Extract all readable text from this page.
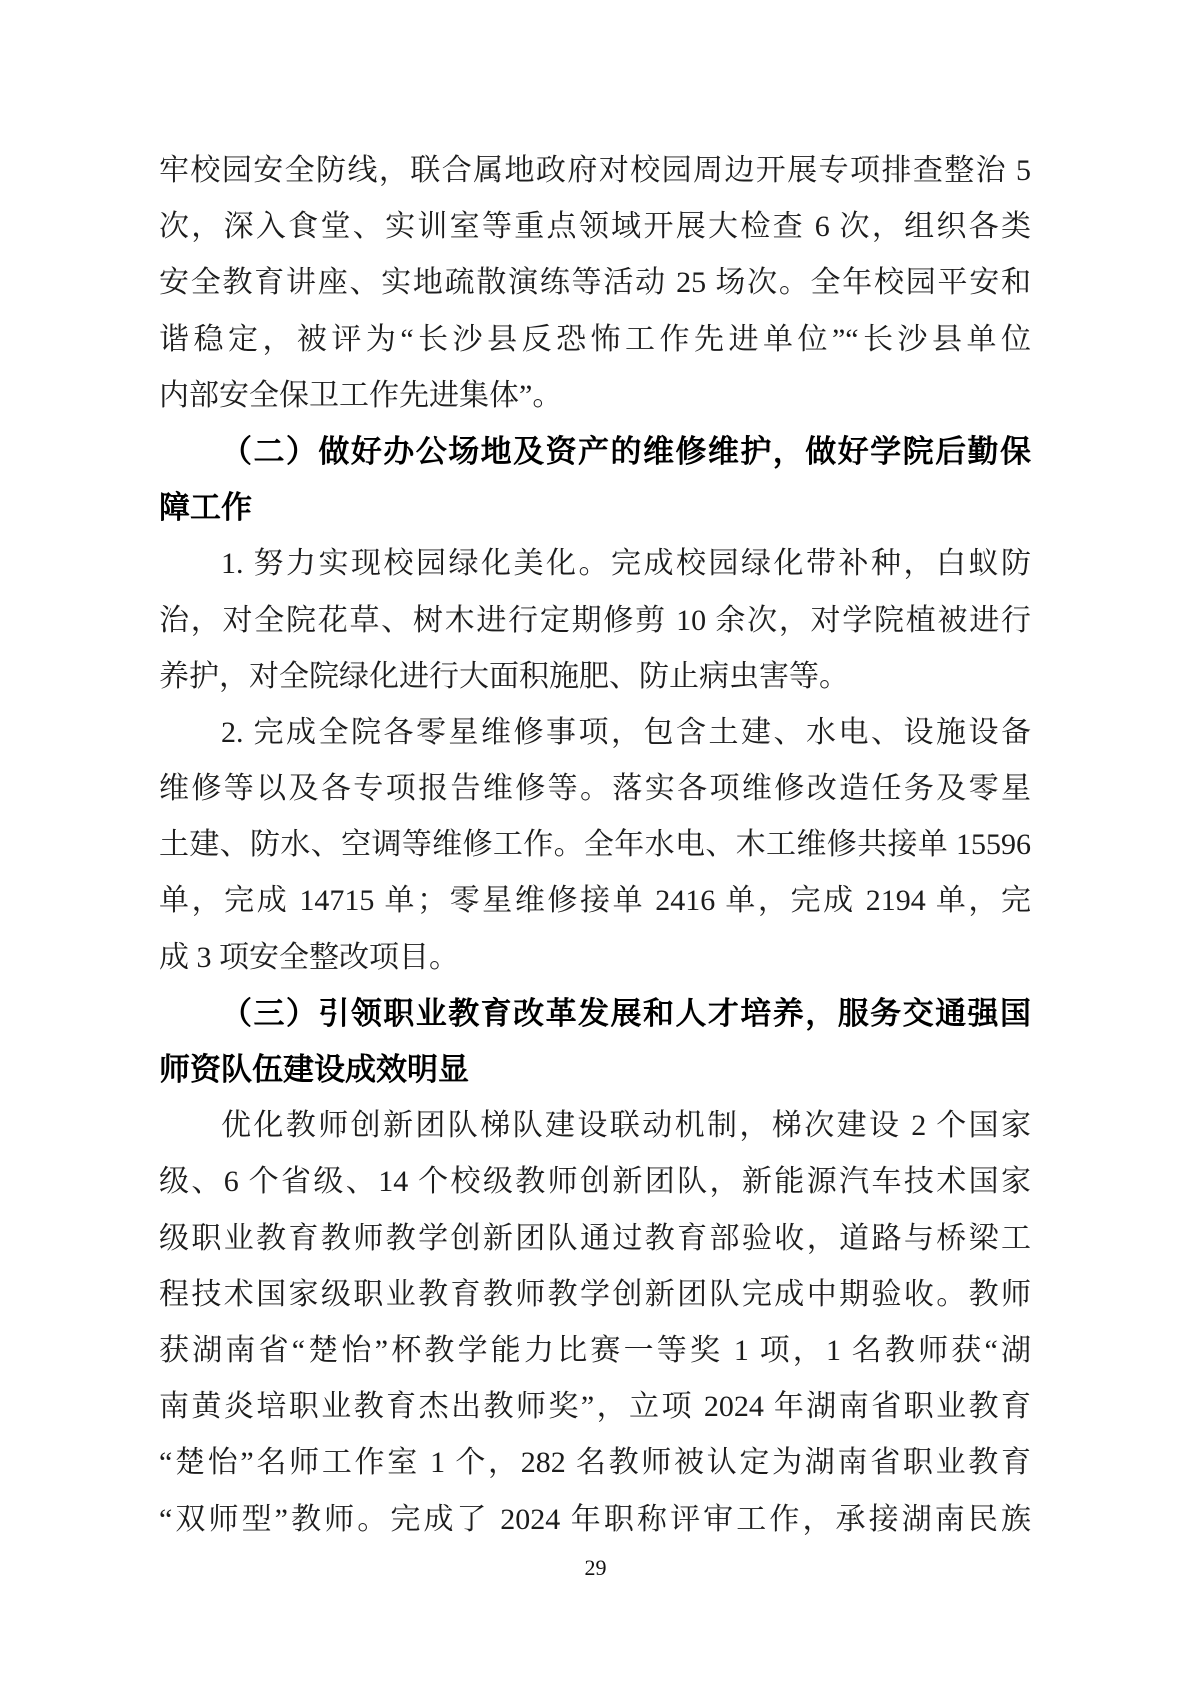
牢校园安全防线，联合属地政府对校园周边开展专项排查整治 5
次，深入食堂、实训室等重点领域开展大检查 6 次，组织各类
安全教育讲座、实地疏散演练等活动 25 场次。全年校园平安和
谐稳定，被评为“长沙县反恐怖工作先进单位”“长沙县单位
内部安全保卫工作先进集体”。
（二）做好办公场地及资产的维修维护，做好学院后勤保
障工作
1. 努力实现校园绿化美化。完成校园绿化带补种，白蚁防
治，对全院花草、树木进行定期修剪 10 余次，对学院植被进行
养护，对全院绿化进行大面积施肥、防止病虫害等。
2. 完成全院各零星维修事项，包含土建、水电、设施设备
维修等以及各专项报告维修等。落实各项维修改造任务及零星
土建、防水、空调等维修工作。全年水电、木工维修共接单 15596
单，完成 14715 单；零星维修接单 2416 单，完成 2194 单，完
成 3 项安全整改项目。
（三）引领职业教育改革发展和人才培养，服务交通强国
师资队伍建设成效明显
优化教师创新团队梯队建设联动机制，梯次建设 2 个国家
级、6 个省级、14 个校级教师创新团队，新能源汽车技术国家
级职业教育教师教学创新团队通过教育部验收，道路与桥梁工
程技术国家级职业教育教师教学创新团队完成中期验收。教师
获湖南省“楚怡”杯教学能力比赛一等奖 1 项，1 名教师获“湖
南黄炎培职业教育杰出教师奖”，立项 2024 年湖南省职业教育
“楚怡”名师工作室 1 个，282 名教师被认定为湖南省职业教育
“双师型”教师。完成了 2024 年职称评审工作，承接湖南民族
29
